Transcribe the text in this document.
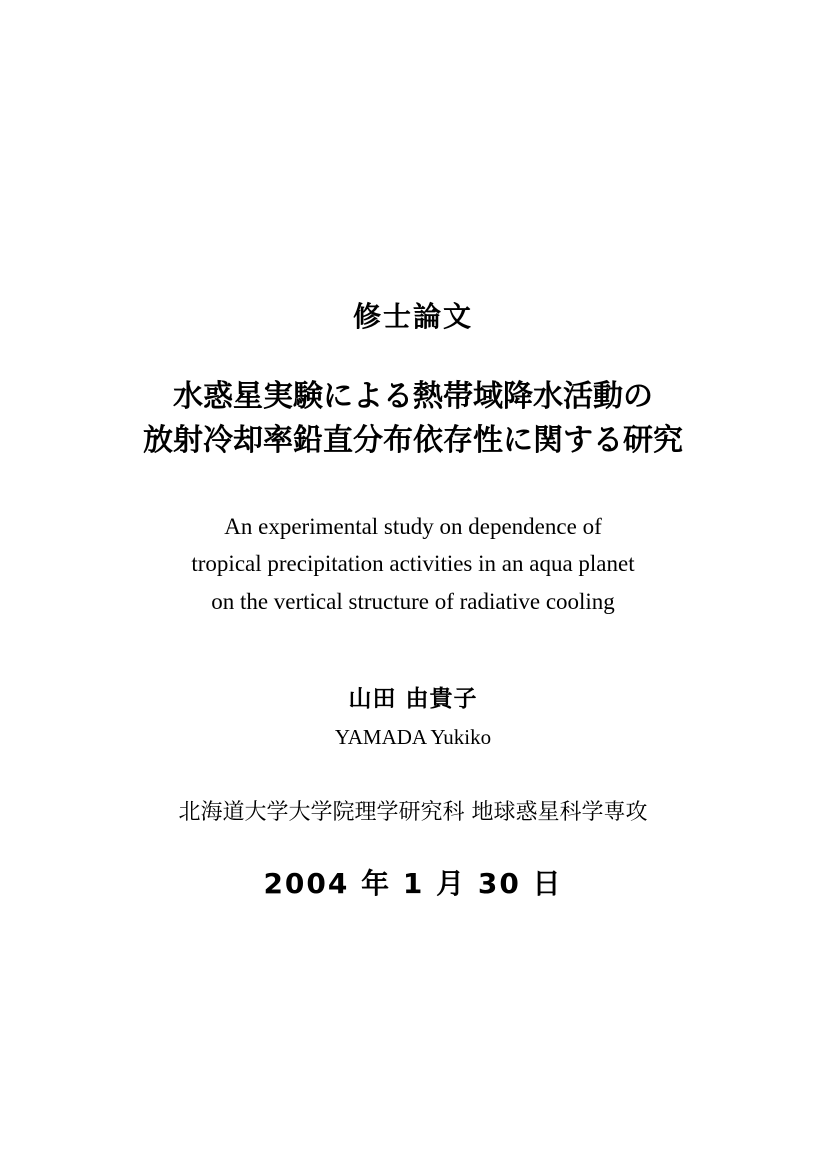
修士論文
水惑星実験による熱帯域降水活動の
放射冷却率鉛直分布依存性に関する研究
An experimental study on dependence of
tropical precipitation activities in an aqua planet
on the vertical structure of radiative cooling
山田 由貴子
YAMADA Yukiko
北海道大学大学院理学研究科 地球惑星科学専攻
2004 年 1 月 30 日
